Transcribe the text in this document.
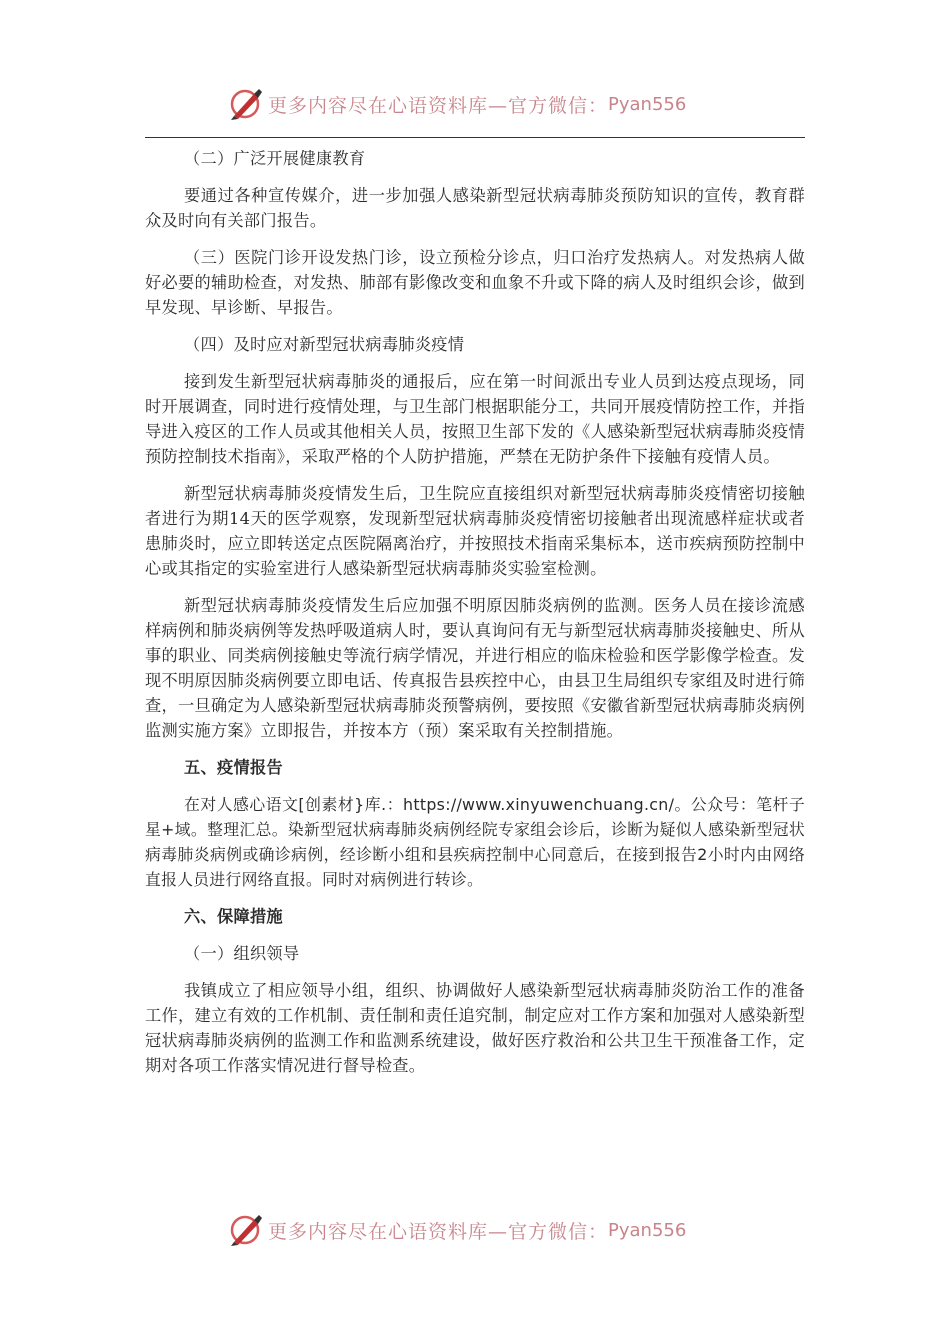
更多内容尽在心语资料库—官方微信： Pyan556

（二）广泛开展健康教育

要通过各种宣传媒介，进一步加强人感染新型冠状病毒肺炎预防知识的宣传，教育群众及时向有关部门报告。

（三）医院门诊开设发热门诊，设立预检分诊点，归口治疗发热病人。对发热病人做好必要的辅助检查，对发热、肺部有影像改变和血象不升或下降的病人及时组织会诊，做到早发现、早诊断、早报告。

（四）及时应对新型冠状病毒肺炎疫情

接到发生新型冠状病毒肺炎的通报后，应在第一时间派出专业人员到达疫点现场，同时开展调查，同时进行疫情处理，与卫生部门根据职能分工，共同开展疫情防控工作，并指导进入疫区的工作人员或其他相关人员，按照卫生部下发的《人感染新型冠状病毒肺炎疫情预防控制技术指南》，采取严格的个人防护措施，严禁在无防护条件下接触有疫情人员。

新型冠状病毒肺炎疫情发生后，卫生院应直接组织对新型冠状病毒肺炎疫情密切接触者进行为期14天的医学观察，发现新型冠状病毒肺炎疫情密切接触者出现流感样症状或者患肺炎时，应立即转送定点医院隔离治疗，并按照技术指南采集标本，送市疾病预防控制中心或其指定的实验室进行人感染新型冠状病毒肺炎实验室检测。

新型冠状病毒肺炎疫情发生后应加强不明原因肺炎病例的监测。医务人员在接诊流感样病例和肺炎病例等发热呼吸道病人时，要认真询问有无与新型冠状病毒肺炎接触史、所从事的职业、同类病例接触史等流行病学情况，并进行相应的临床检验和医学影像学检查。发现不明原因肺炎病例要立即电话、传真报告县疾控中心，由县卫生局组织专家组及时进行筛查，一旦确定为人感染新型冠状病毒肺炎预警病例，要按照《安徽省新型冠状病毒肺炎病例监测实施方案》立即报告，并按本方（预）案采取有关控制措施。

五、疫情报告

在对人感心语文[创素材}库.：https://www.xinyuwenchuang.cn/。公众号：笔杆子星+域。整理汇总。染新型冠状病毒肺炎病例经院专家组会诊后，诊断为疑似人感染新型冠状病毒肺炎病例或确诊病例，经诊断小组和县疾病控制中心同意后，在接到报告2小时内由网络直报人员进行网络直报。同时对病例进行转诊。

六、保障措施

（一）组织领导

我镇成立了相应领导小组，组织、协调做好人感染新型冠状病毒肺炎防治工作的准备工作，建立有效的工作机制、责任制和责任追究制，制定应对工作方案和加强对人感染新型冠状病毒肺炎病例的监测工作和监测系统建设，做好医疗救治和公共卫生干预准备工作，定期对各项工作落实情况进行督导检查。

更多内容尽在心语资料库—官方微信： Pyan556
